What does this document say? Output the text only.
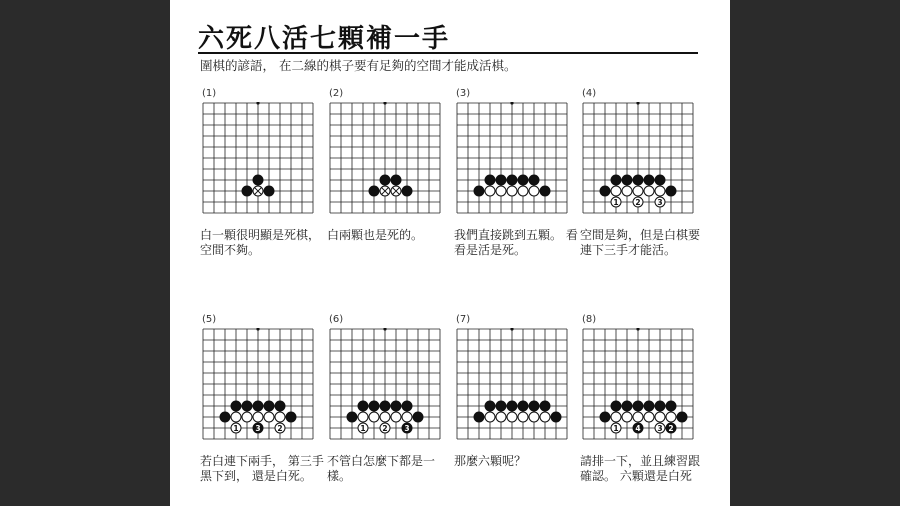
六死八活七顆補一手
圍棋的諺語， 在二線的棋子要有足夠的空間才能成活棋。
(1)
白一顆很明顯是死棋，空間不夠。
(2)
白兩顆也是死的。
(3)
我們直接跳到五顆。 看看是活是死。
(4)
1 2 3
空間是夠，但是白棋要連下三手才能活。
(5)
1 3 2
若白連下兩手， 第三手黑下到， 還是白死。
(6)
1 2 3
不管白怎麼下都是一樣。
(7)
那麼六顆呢？
(8)
1 4 3 2
請排一下，並且練習跟確認。 六顆還是白死
